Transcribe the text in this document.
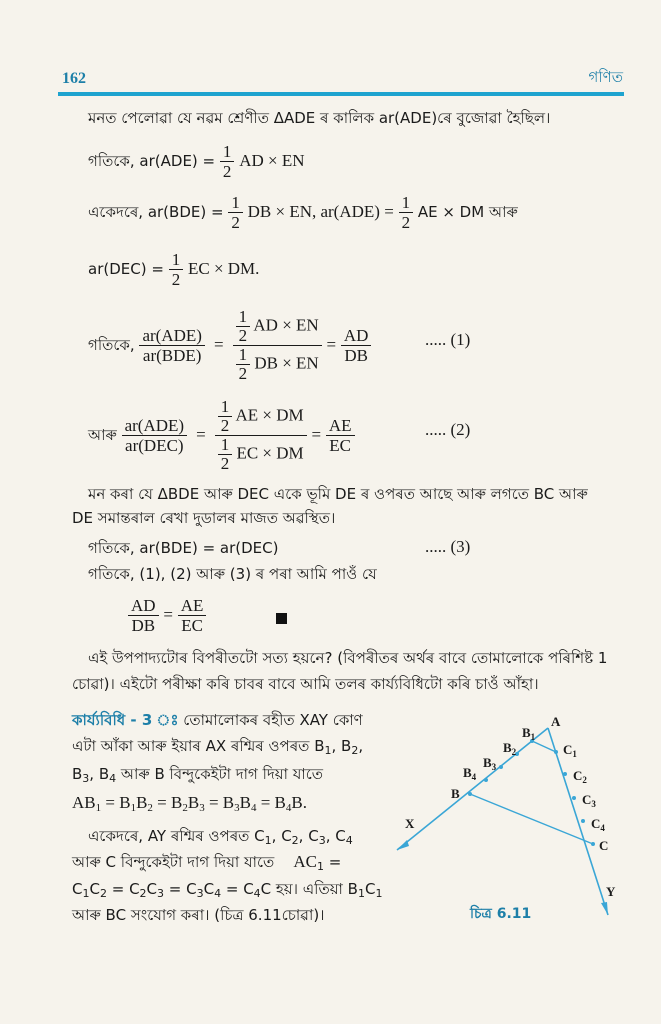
162	গণিত
মনত পেলোৱা যে নৱম শ্ৰেণীত ΔADE ৰ কালিক ar(ADE)ৰে বুজোৱা হৈছিল।
গতিকে, $ar(ADE) = \frac{1}{2}$ AD × EN
একেদৰে, $ar(BDE) = \frac{1}{2}$ DB × EN, $ar(ADE) = \frac{1}{2}$ AE × DM আৰু
$ar(DEC) = \frac{1}{2}$ EC × DM.
গতিকে, $\frac{\text{ar(ADE)}}{\text{ar(BDE)}} = \frac{\frac{1}{2} AD \times EN}{\frac{1}{2} DB \times EN} = \frac{AD}{DB}$	..... (1)
আৰু $\frac{\text{ar(ADE)}}{\text{ar(DEC)}} = \frac{\frac{1}{2} AE \times DM}{\frac{1}{2} EC \times DM} = \frac{AE}{EC}$	..... (2)
মন কৰা যে ΔBDE আৰু DEC একে ভূমি DE ৰ ওপৰত আছে আৰু লগতে BC আৰু
DE সমান্তৰাল ৰেখা দুডালৰ মাজত অৱস্থিত।
গতিকে, ar(BDE) = ar(DEC)	..... (3)
গতিকে, (1), (2) আৰু (3) ৰ পৰা আমি পাওঁ যে
$\frac{AD}{DB} = \frac{AE}{EC}$
এই উপপাদ্যটোৰ বিপৰীতটো সত্য হয়নে? (বিপৰীতৰ অৰ্থৰ বাবে তোমালোকে পৰিশিষ্ট 1
চোৱা)। এইটো পৰীক্ষা কৰি চাবৰ বাবে আমি তলৰ কাৰ্য্যবিধিটো কৰি চাওঁ আঁহা।
কাৰ্য্যবিধি - 3 ঃ তোমালোকৰ বহীত XAY কোণ
এটা আঁকা আৰু ইয়াৰ AX ৰশ্মিৰ ওপৰত $B_1$, $B_2$,
$B_3$, $B_4$ আৰু B বিন্দুকেইটা দাগ দিয়া যাতে
$AB_1 = B_1B_2 = B_2B_3 = B_3B_4 = B_4B$.
একেদৰে, AY ৰশ্মিৰ ওপৰত $C_1$, $C_2$, $C_3$, $C_4$
আৰু C বিন্দুকেইটা দাগ দিয়া যাতে $AC_1$ =
$C_1C_2 = C_2C_3 = C_3C_4 = C_4C$ হয়। এতিয়া $B_1C_1$
আৰু BC সংযোগ কৰা। (চিত্ৰ 6.11চোৱা)।
A
X
Y
B
C
$B_1$
$B_2$
$B_3$
$B_4$
$C_1$
$C_2$
$C_3$
$C_4$
চিত্ৰ 6.11
